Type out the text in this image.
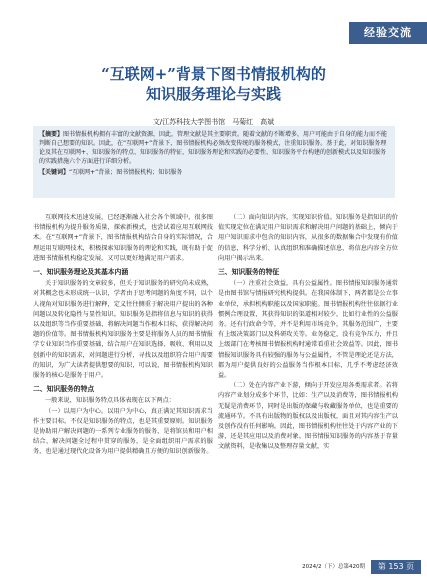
经验交流

“互联网+”背景下图书情报机构的

知识服务理论与实践

文/江苏科技大学图书馆　马菊红　高斌
【摘要】图书情报机构拥有丰富的文献资源，因此，管理文献是其主要职责。随着文献的不断增多，用户可能由于自身的能力而不能判断自己想要的知识。因此，在“互联网+”背景下，图书情报机构必须改变传统的服务模式，注重知识服务。基于此，对知识服务理论及其在互联网+、知识服务的特点、知识服务的特征、知识服务理论和实践的必要性、知识服务平台构建的创新模式以及知识服务的实践措施六个方面进行详细分析。
【关键词】“互联网+”背景；图书情报机构；知识服务

互联网技术迅速发展，已经逐渐融入社会各个领域中，很多图书情报机构为提升服务质量，探索新模式，也尝试着应用互联网技术。在“互联网+”背景下，图书情报机构结合自身的实际情况，合理运用互联网技术，积极探索知识服务的理论和实践，既有助于促进图书情报机构稳定发展，又可以更好地满足用户需求。

一、知识服务理论及其基本内涵

关于知识服务的文章较多，但关于知识服务的研究尚未成熟，对其概念也未形成统一认识，学者由于思考问题的角度不同，以个人视角对知识服务进行解释，定义往往侧重于解决用户提出的各种问题以及转化隐性与显性知识。知识服务是指将信息与知识的获得以及组织等当作重要基础，将解决问题当作根本目标，获得解决问题的价值等。图书情报机构知识服务主要是将服务人员的图书情报学专业知识当作重要基础，结合用户在知识选择、吸收、利用以及创新中的知识需求，对问题进行分析，寻找以及组织符合用户需要的知识，为广大读者提供想要的知识，可以说，图书情报机构知识服务的核心是服务于用户。

二、知识服务的特点

一般来说，知识服务特点具体表现在以下两点：

（一）以用户为中心。以用户为中心，真正满足其知识需求当作主要目标。不仅是知识服务的特点，也是其重要原则。知识服务是协助用户解决问题的一系列专业服务的服务，是将馆员和用户相结合、解决问题全过程中贯穿的服务，是全面组织用户需求的服务，也是通过现代化设备为用户提供精确且方便的知识创新服务。

（二）面向知识内容，实现知识价值。知识服务是指知识的价值实现定位在满足用户知识需求和解决用户问题的基础上，倾向于用户知识需求中包含的知识内容，从很多的数据集合中发现有价值的信息，科学分析、认真组织和准确描述信息，将信息内容全方位向用户揭示出来。

三、知识服务的特征

（一）注重社会效益，具有公益属性。图书情报知识服务通常是由图书馆与情报研究机构提供。在我国体制下，两者都是公立事业单位，承担机构职能以及国家职能。图书情报机构往往依据行业惯例合理设置，其获得知识的渠道相对较少，比如行业性的公益服务。还有行政命令等，并不是利用市场竞争，其服务范围广，主要有上级决策部门以及科研攻关等。业务稳定，没有竞争压力，并且上级部门在考核图书情报机构时通常看重社会效益等。因此，图书情报知识服务具有较强的服务与公益属性，不管是理论还是方法，都为用户提供良好的公益服务当作根本目标，几乎不考虑经济效益。

（二）处在内容产业下游，倾向于开发应用各类需求者。若将内容产业划分成多个环节，比如：生产以及消费等，图书情报机构无疑是消费环节，同时是出版的保藏与收藏服务单位，也是重要的流通环节。不具有出版物的版权以及出版权，面且对其内容生产以及创作没有任何影响。因此，图书情报机构往往处于内容产业的下游，还是其应用以及消费对象。图书情报知识服务的内容基于存量文献资料，是收集以及整理存量文献，实

2024/2（下）总第420期	第 153 页
